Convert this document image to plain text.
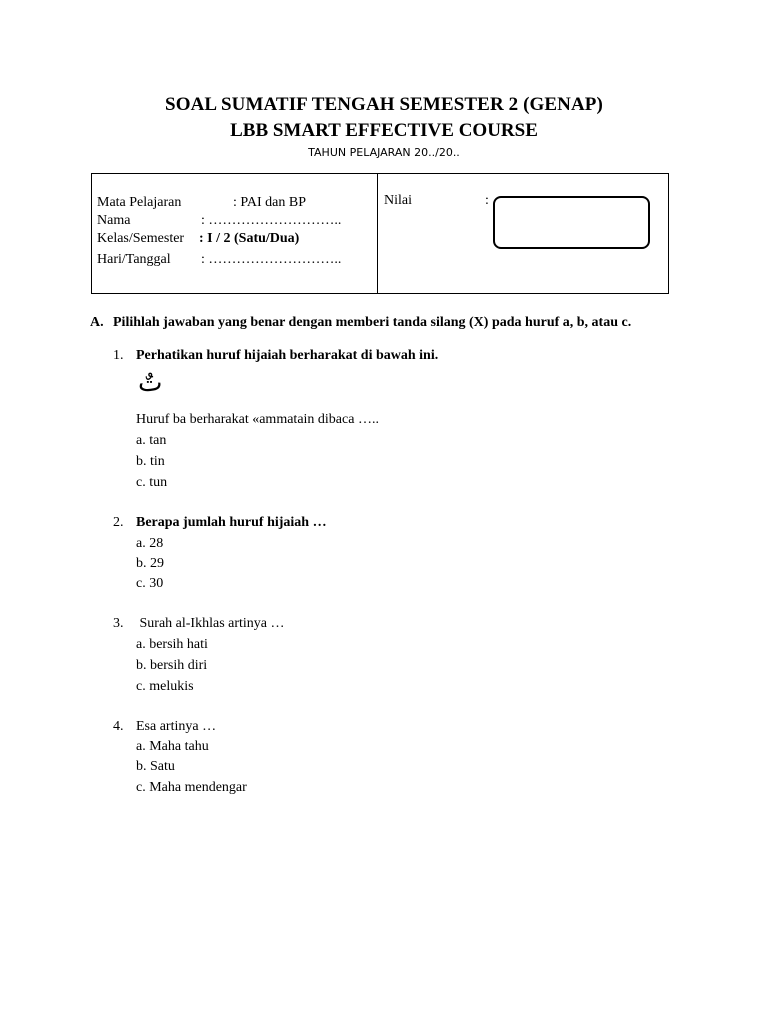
SOAL SUMATIF TENGAH SEMESTER 2 (GENAP)
LBB SMART EFFECTIVE COURSE
TAHUN PELAJARAN 20../20..
Mata Pelajaran	: PAI dan BP
Nama	: ………………………..
Kelas/Semester : I / 2 (Satu/Dua)
Hari/Tanggal : ………………………..
Nilai	:
A. Pilihlah jawaban yang benar dengan memberi tanda silang (X) pada huruf a, b, atau c.
1. Perhatikan huruf hijaiah berharakat di bawah ini.
تٌ
Huruf ba berharakat «ammatain dibaca …..
a. tan
b. tin
c. tun
2. Berapa jumlah huruf hijaiah …
a. 28
b. 29
c. 30
3. Surah al-Ikhlas artinya …
a. bersih hati
b. bersih diri
c. melukis
4. Esa artinya …
a. Maha tahu
b. Satu
c. Maha mendengar
